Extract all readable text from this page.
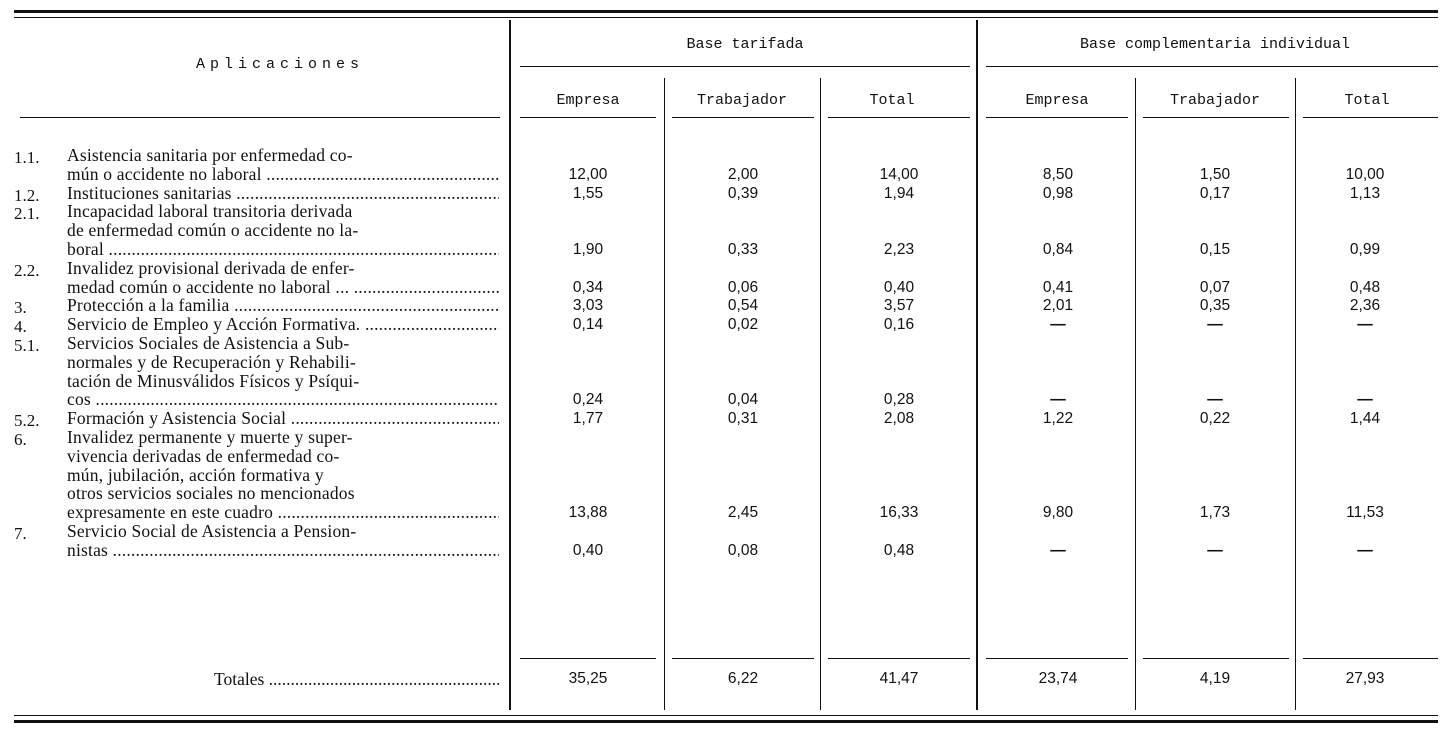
Aplicaciones
Base tarifada	Base complementaria individual
Empresa	Trabajador	Total	Empresa	Trabajador	Total
1.1. Asistencia sanitaria por enfermedad co-
mún o accidente no laboral .....	12,00	2,00	14,00	8,50	1,50	10,00
1.2. Instituciones sanitarias .....	1,55	0,39	1,94	0,98	0,17	1,13
2.1. Incapacidad laboral transitoria derivada
de enfermedad común o accidente no la-
boral .....	1,90	0,33	2,23	0,84	0,15	0,99
2.2. Invalidez provisional derivada de enfer-
medad común o accidente no laboral ... .....	0,34	0,06	0,40	0,41	0,07	0,48
3. Protección a la familia .....	3,03	0,54	3,57	2,01	0,35	2,36
4. Servicio de Empleo y Acción Formativa. .....	0,14	0,02	0,16	—	—	—
5.1. Servicios Sociales de Asistencia a Sub-
normales y de Recuperación y Rehabili-
tación de Minusválidos Físicos y Psíqui-
cos .....	0,24	0,04	0,28	—	—	—
5.2. Formación y Asistencia Social .....	1,77	0,31	2,08	1,22	0,22	1,44
6. Invalidez permanente y muerte y super-
vivencia derivadas de enfermedad co-
mún, jubilación, acción formativa y
otros servicios sociales no mencionados
expresamente en este cuadro .....	13,88	2,45	16,33	9,80	1,73	11,53
7. Servicio Social de Asistencia a Pension-
nistas .....	0,40	0,08	0,48	—	—	—
Totales .....	35,25	6,22	41,47	23,74	4,19	27,93
